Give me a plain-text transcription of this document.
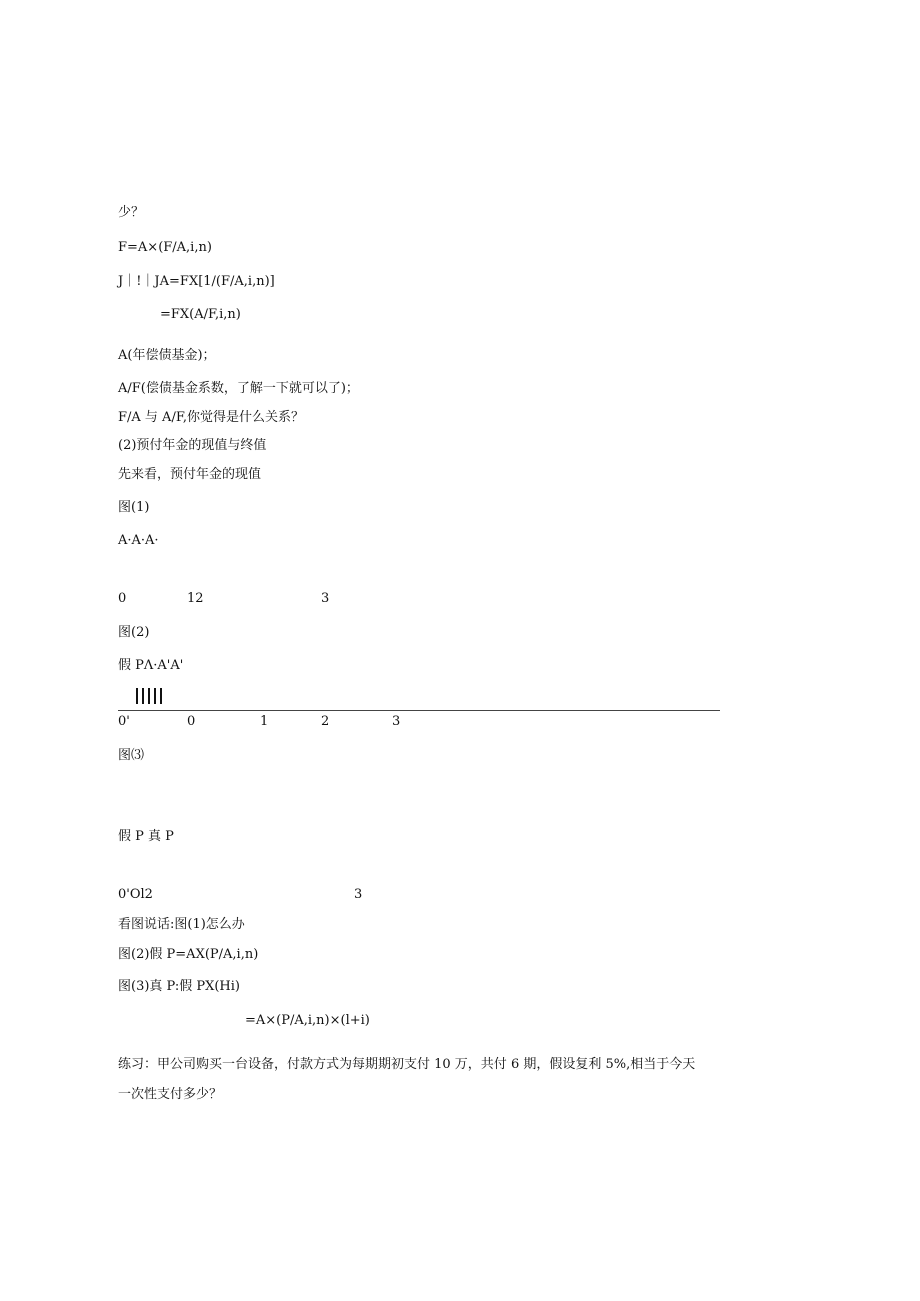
少？
F=A×(F/A,i,n)
J｜!｜JA=FX[1/(F/A,i,n)]
=FX(A/F,i,n)
A(年偿债基金)；
A/F(偿债基金系数，了解一下就可以了)；
F/A 与 A/F,你觉得是什么关系？
(2)预付年金的现值与终值
先来看，预付年金的现值
图(1)
A·A·A·
0	12	3
图(2)
假 PΛ·A'A'
0'	0	1	2	3
图⑶
假 P 真 P
0'Ol2	3
看图说话:图(1)怎么办
图(2)假 P=AX(P/A,i,n)
图(3)真 P:假 PX(Hi)
=A×(P/A,i,n)×(l+i)
练习：甲公司购买一台设备，付款方式为每期期初支付 10 万，共付 6 期，假设复利 5%,相当于今天
一次性支付多少？
